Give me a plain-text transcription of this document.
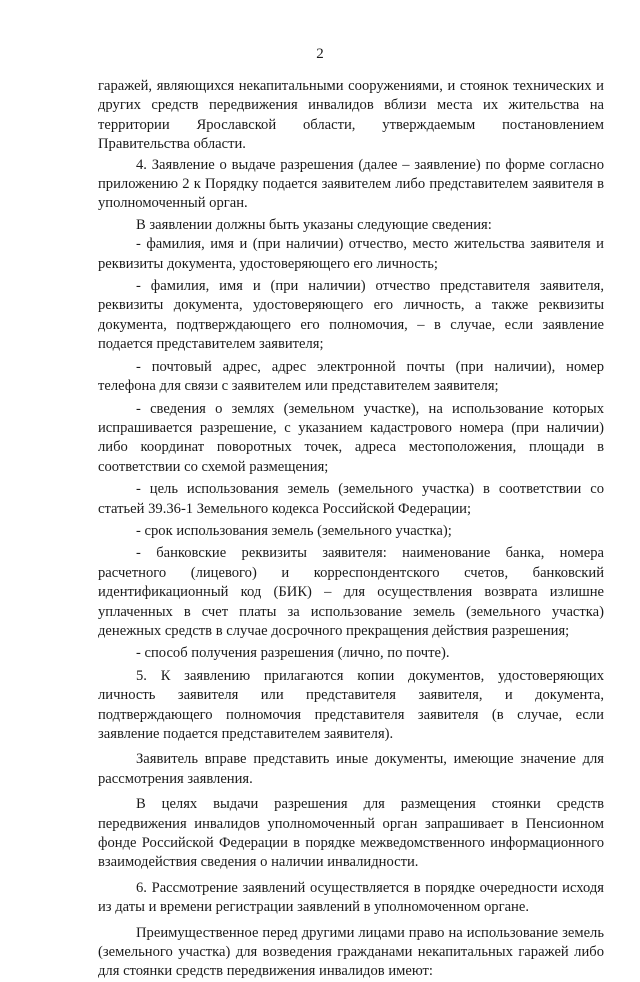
2

гаражей, являющихся некапитальными сооружениями, и стоянок технических и других средств передвижения инвалидов вблизи места их жительства на территории Ярославской области, утверждаемым постановлением Правительства области.

4. Заявление о выдаче разрешения (далее – заявление) по форме согласно приложению 2 к Порядку подается заявителем либо представителем заявителя в уполномоченный орган.

В заявлении должны быть указаны следующие сведения:

- фамилия, имя и (при наличии) отчество, место жительства заявителя и реквизиты документа, удостоверяющего его личность;

- фамилия, имя и (при наличии) отчество представителя заявителя, реквизиты документа, удостоверяющего его личность, а также реквизиты документа, подтверждающего его полномочия, – в случае, если заявление подается представителем заявителя;

- почтовый адрес, адрес электронной почты (при наличии), номер телефона для связи с заявителем или представителем заявителя;

- сведения о землях (земельном участке), на использование которых испрашивается разрешение, с указанием кадастрового номера (при наличии) либо координат поворотных точек, адреса местоположения, площади в соответствии со схемой размещения;

- цель использования земель (земельного участка) в соответствии со статьей 39.36-1 Земельного кодекса Российской Федерации;

- срок использования земель (земельного участка);

- банковские реквизиты заявителя: наименование банка, номера расчетного (лицевого) и корреспондентского счетов, банковский идентификационный код (БИК) – для осуществления возврата излишне уплаченных в счет платы за использование земель (земельного участка) денежных средств в случае досрочного прекращения действия разрешения;

- способ получения разрешения (лично, по почте).

5. К заявлению прилагаются копии документов, удостоверяющих личность заявителя или представителя заявителя, и документа, подтверждающего полномочия представителя заявителя (в случае, если заявление подается представителем заявителя).

Заявитель вправе представить иные документы, имеющие значение для рассмотрения заявления.

В целях выдачи разрешения для размещения стоянки средств передвижения инвалидов уполномоченный орган запрашивает в Пенсионном фонде Российской Федерации в порядке межведомственного информационного взаимодействия сведения о наличии инвалидности.

6. Рассмотрение заявлений осуществляется в порядке очередности исходя из даты и времени регистрации заявлений в уполномоченном органе.

Преимущественное перед другими лицами право на использование земель (земельного участка) для возведения гражданами некапитальных гаражей либо для стоянки средств передвижения инвалидов имеют:
